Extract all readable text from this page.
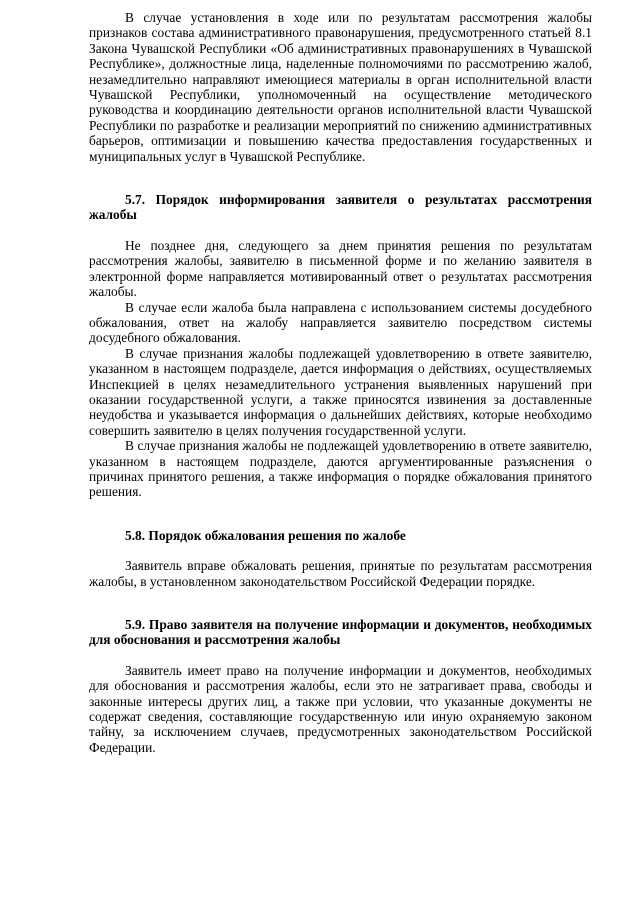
В случае установления в ходе или по результатам рассмотрения жалобы признаков состава административного правонарушения, предусмотренного статьей 8.1 Закона Чувашской Республики «Об административных правонарушениях в Чувашской Республике», должностные лица, наделенные полномочиями по рассмотрению жалоб, незамедлительно направляют имеющиеся материалы в орган исполнительной власти Чувашской Республики, уполномоченный на осуществление методического руководства и координацию деятельности органов исполнительной власти Чувашской Республики по разработке и реализации мероприятий по снижению административных барьеров, оптимизации и повышению качества предоставления государственных и муниципальных услуг в Чувашской Республике.

5.7. Порядок информирования заявителя о результатах рассмотрения жалобы

Не позднее дня, следующего за днем принятия решения по результатам рассмотрения жалобы, заявителю в письменной форме и по желанию заявителя в электронной форме направляется мотивированный ответ о результатах рассмотрения жалобы.

В случае если жалоба была направлена с использованием системы досудебного обжалования, ответ на жалобу направляется заявителю посредством системы досудебного обжалования.

В случае признания жалобы подлежащей удовлетворению в ответе заявителю, указанном в настоящем подразделе, дается информация о действиях, осуществляемых Инспекцией в целях незамедлительного устранения выявленных нарушений при оказании государственной услуги, а также приносятся извинения за доставленные неудобства и указывается информация о дальнейших действиях, которые необходимо совершить заявителю в целях получения государственной услуги.

В случае признания жалобы не подлежащей удовлетворению в ответе заявителю, указанном в настоящем подразделе, даются аргументированные разъяснения о причинах принятого решения, а также информация о порядке обжалования принятого решения.

5.8. Порядок обжалования решения по жалобе

Заявитель вправе обжаловать решения, принятые по результатам рассмотрения жалобы, в установленном законодательством Российской Федерации порядке.

5.9. Право заявителя на получение информации и документов, необходимых для обоснования и рассмотрения жалобы

Заявитель имеет право на получение информации и документов, необходимых для обоснования и рассмотрения жалобы, если это не затрагивает права, свободы и законные интересы других лиц, а также при условии, что указанные документы не содержат сведения, составляющие государственную или иную охраняемую законом тайну, за исключением случаев, предусмотренных законодательством Российской Федерации.
